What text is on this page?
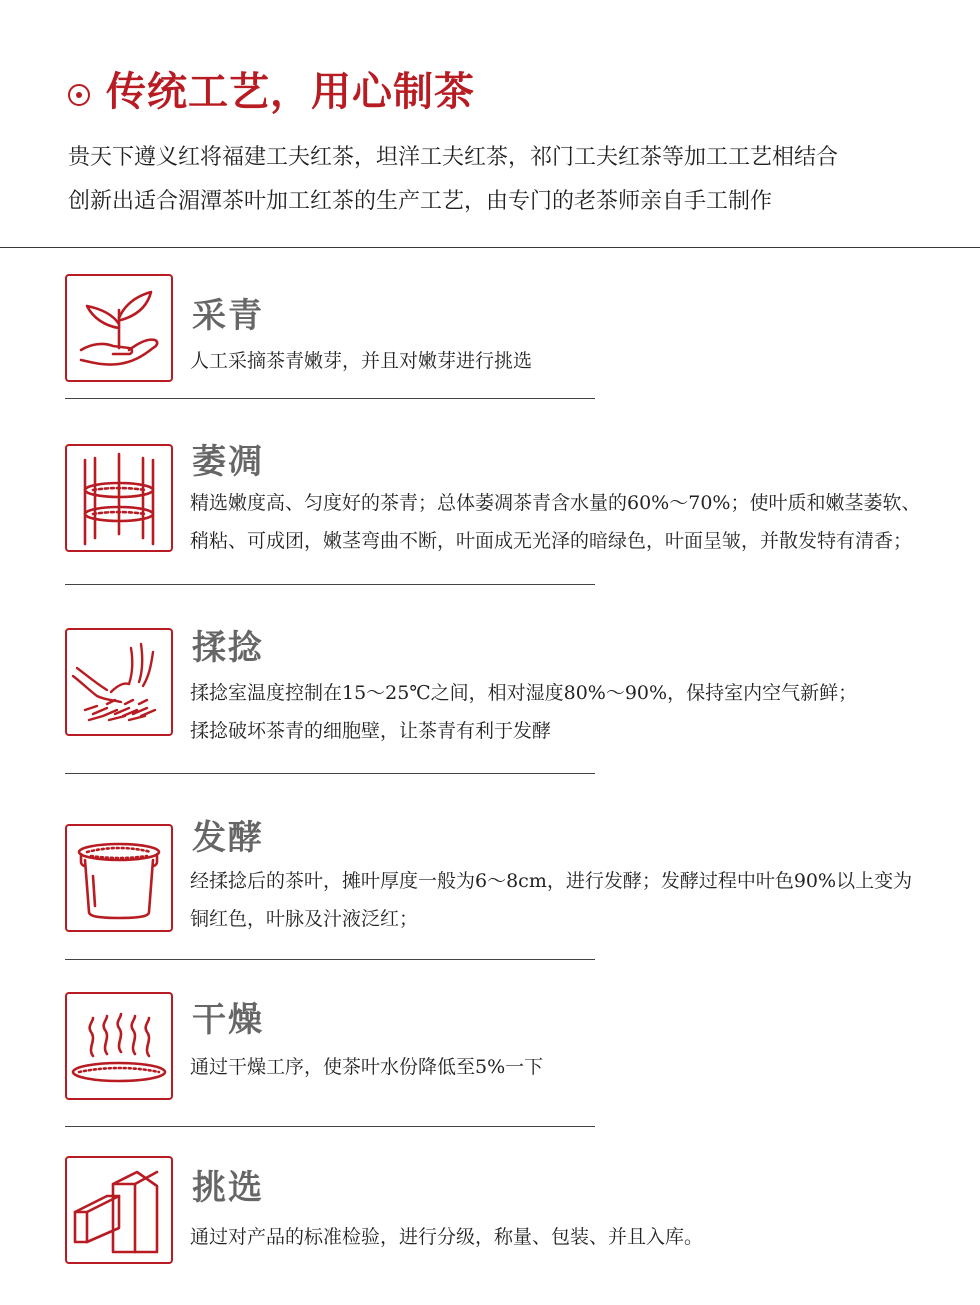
传统工艺，用心制茶
贵天下遵义红将福建工夫红茶，坦洋工夫红茶，祁门工夫红茶等加工工艺相结合
创新出适合湄潭茶叶加工红茶的生产工艺，由专门的老茶师亲自手工制作
采青
人工采摘茶青嫩芽，并且对嫩芽进行挑选
萎凋
精选嫩度高、匀度好的茶青；总体萎凋茶青含水量的60%～70%；使叶质和嫩茎萎软、
稍粘、可成团，嫩茎弯曲不断，叶面成无光泽的暗绿色，叶面呈皱，并散发特有清香；
揉捻
揉捻室温度控制在15～25℃之间，相对湿度80%～90%，保持室内空气新鲜；
揉捻破坏茶青的细胞壁，让茶青有利于发酵
发酵
经揉捻后的茶叶，摊叶厚度一般为6～8cm，进行发酵；发酵过程中叶色90%以上变为
铜红色，叶脉及汁液泛红；
干燥
通过干燥工序，使茶叶水份降低至5%一下
挑选
通过对产品的标准检验，进行分级，称量、包装、并且入库。
